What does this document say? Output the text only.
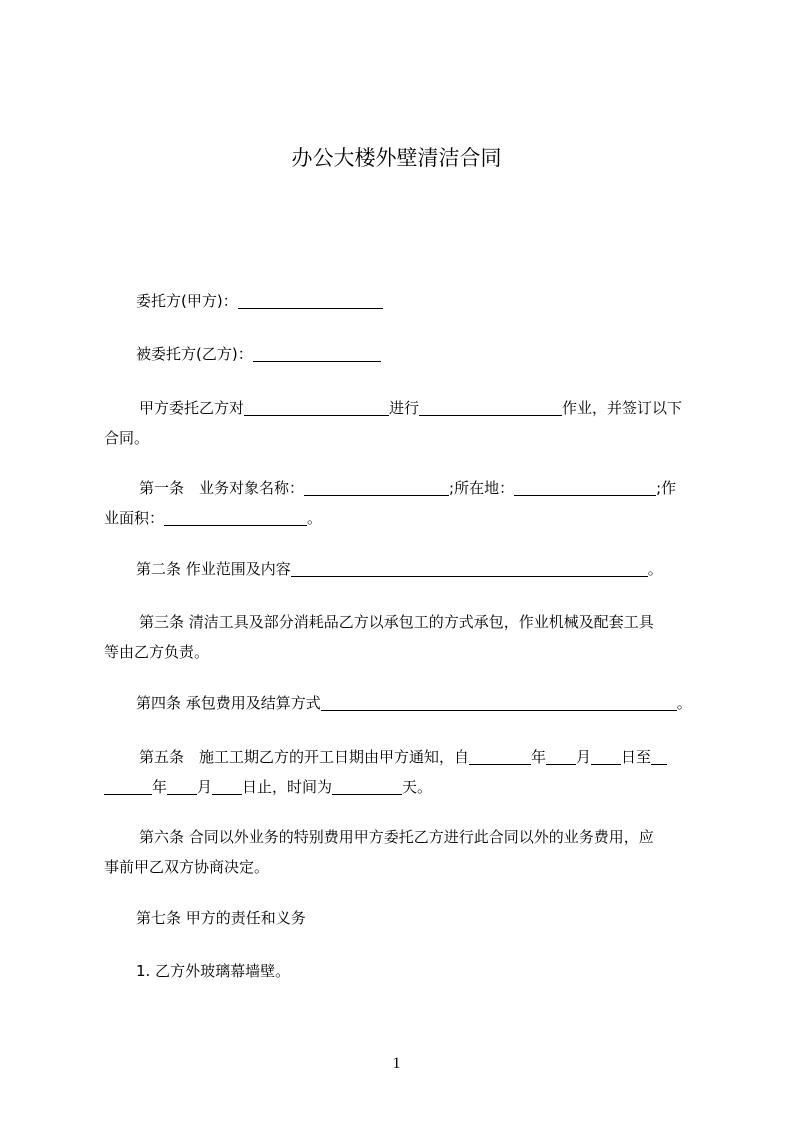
办公大楼外壁清洁合同
委托方(甲方)：
被委托方(乙方)：
甲方委托乙方对	进行	作业，并签订以下
合同。
第一条　业务对象名称：	;所在地：	;作
业面积：	。
第二条 作业范围及内容	。
第三条 清洁工具及部分消耗品乙方以承包工的方式承包，作业机械及配套工具
等由乙方负责。
第四条 承包费用及结算方式	。
第五条　施工工期乙方的开工日期由甲方通知，自	年 月 日至
年 月 日止，时间为	天。
第六条 合同以外业务的特别费用甲方委托乙方进行此合同以外的业务费用，应
事前甲乙双方协商决定。
第七条 甲方的责任和义务
1. 乙方外玻璃幕墙壁。
1
